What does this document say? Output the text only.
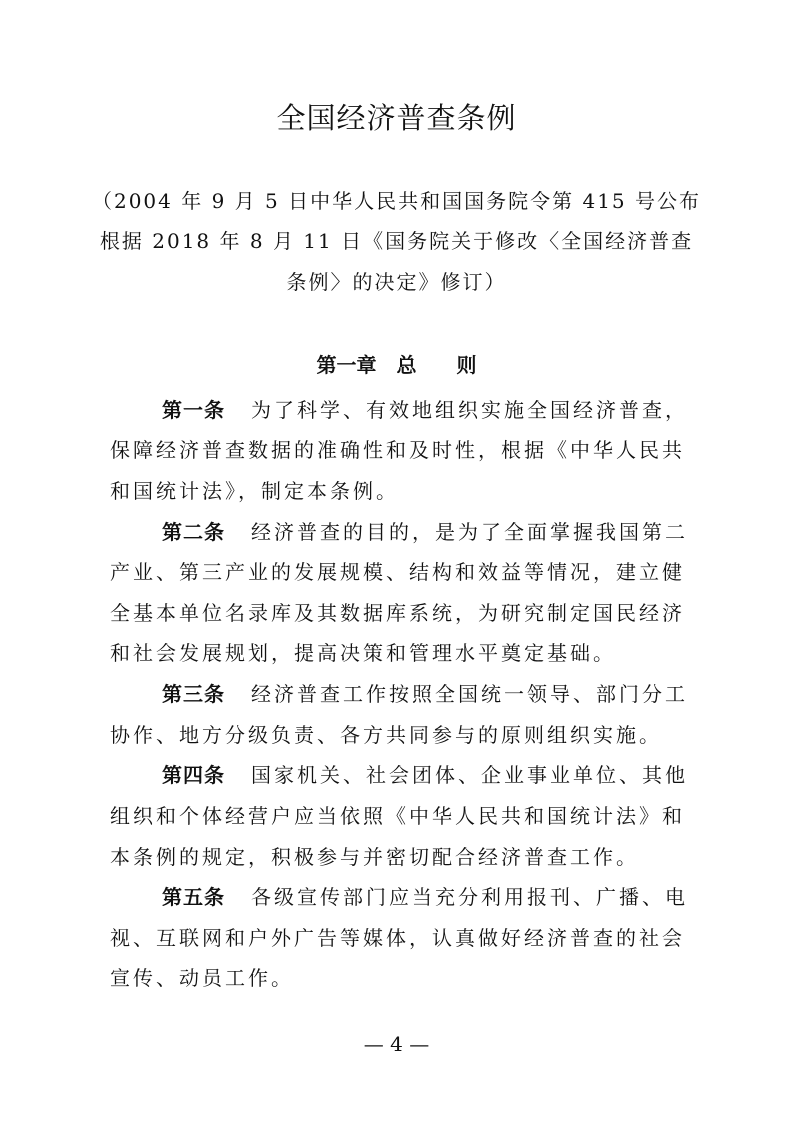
全国经济普查条例
（2004 年 9 月 5 日中华人民共和国国务院令第 415 号公布
根据 2018 年 8 月 11 日《国务院关于修改〈全国经济普查
条例〉的决定》修订）
第一章　总　　则
第一条 为了科学、有效地组织实施全国经济普查，
保障经济普查数据的准确性和及时性，根据《中华人民共
和国统计法》，制定本条例。
第二条 经济普查的目的，是为了全面掌握我国第二
产业、第三产业的发展规模、结构和效益等情况，建立健
全基本单位名录库及其数据库系统，为研究制定国民经济
和社会发展规划，提高决策和管理水平奠定基础。
第三条 经济普查工作按照全国统一领导、部门分工
协作、地方分级负责、各方共同参与的原则组织实施。
第四条 国家机关、社会团体、企业事业单位、其他
组织和个体经营户应当依照《中华人民共和国统计法》和
本条例的规定，积极参与并密切配合经济普查工作。
第五条 各级宣传部门应当充分利用报刊、广播、电
视、互联网和户外广告等媒体，认真做好经济普查的社会
宣传、动员工作。
— 4 —
